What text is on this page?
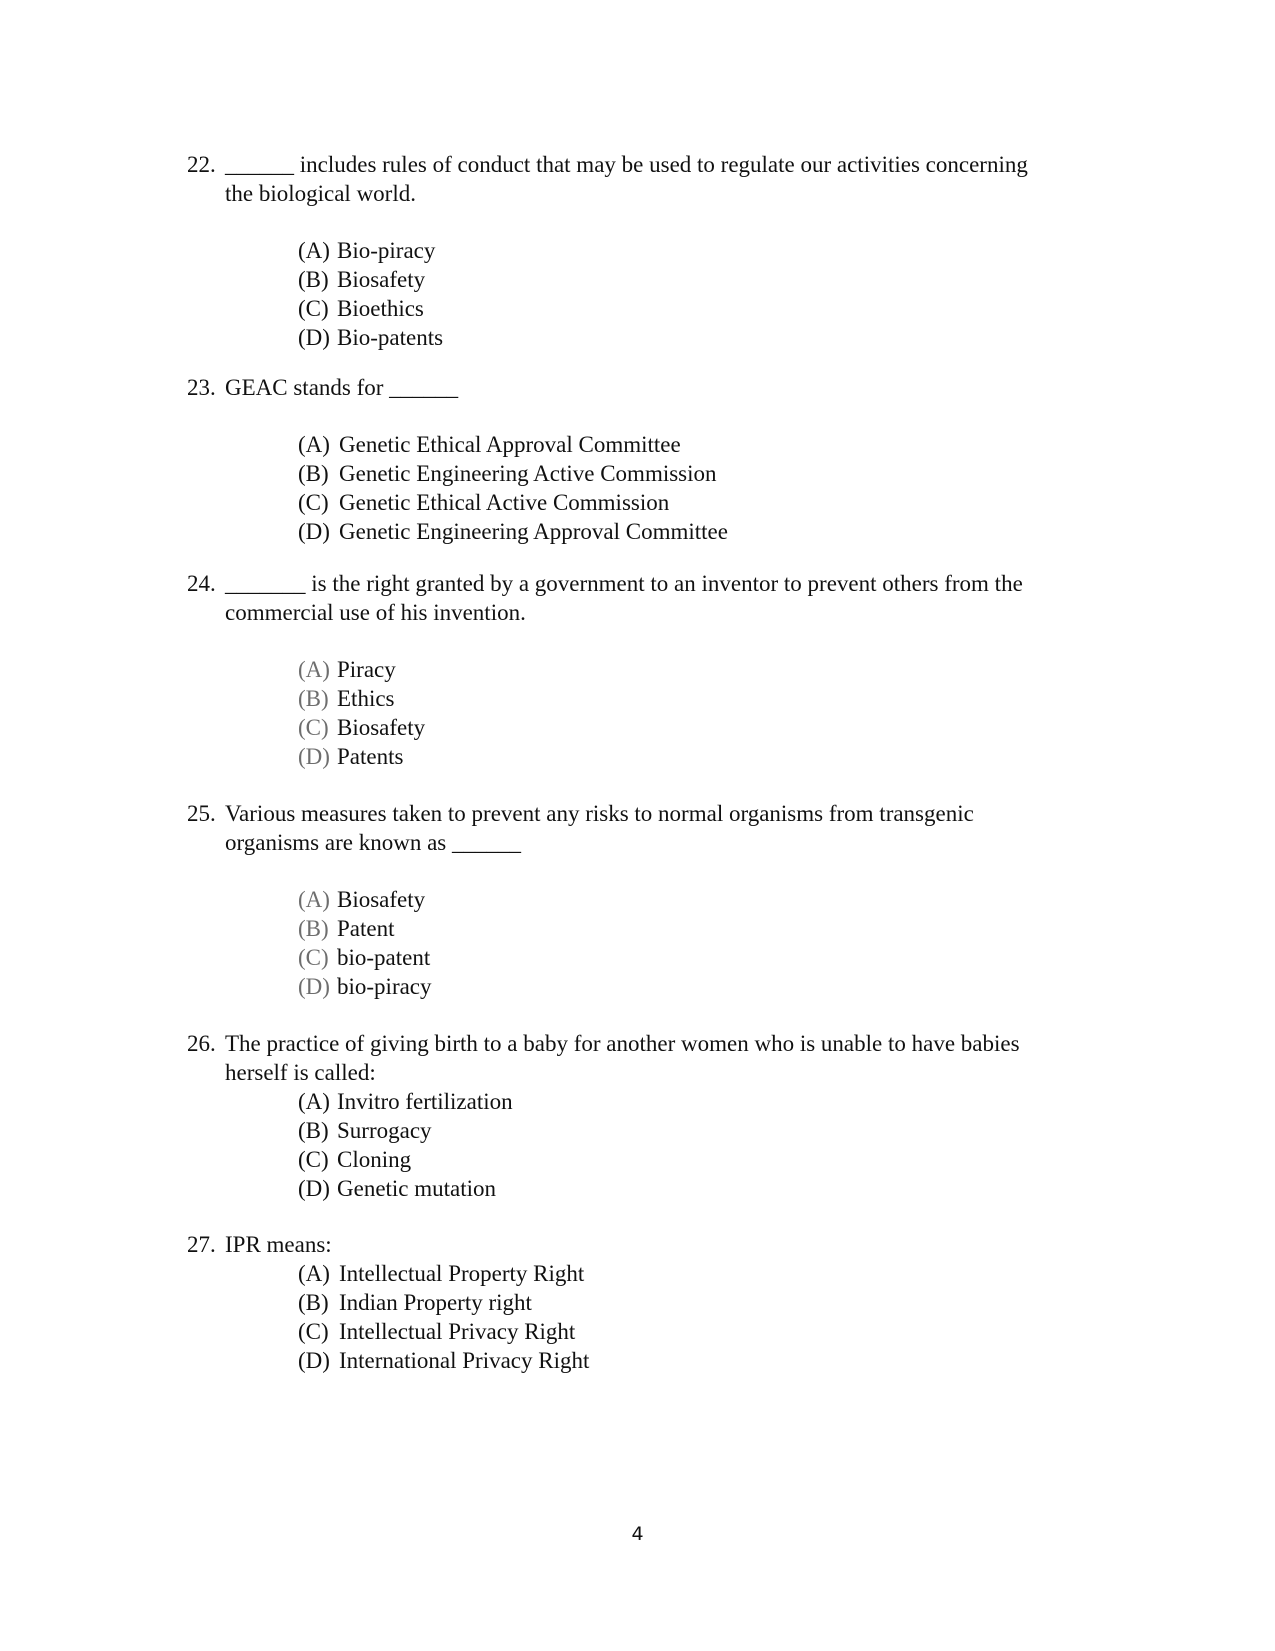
22. ______ includes rules of conduct that may be used to regulate our activities concerning
the biological world.
(A) Bio-piracy
(B) Biosafety
(C) Bioethics
(D) Bio-patents
23. GEAC stands for ______
(A) Genetic Ethical Approval Committee
(B) Genetic Engineering Active Commission
(C) Genetic Ethical Active Commission
(D) Genetic Engineering Approval Committee
24. _______ is the right granted by a government to an inventor to prevent others from the
commercial use of his invention.
(A) Piracy
(B) Ethics
(C) Biosafety
(D) Patents
25. Various measures taken to prevent any risks to normal organisms from transgenic
organisms are known as ______
(A) Biosafety
(B) Patent
(C) bio-patent
(D) bio-piracy
26. The practice of giving birth to a baby for another women who is unable to have babies
herself is called:
(A) Invitro fertilization
(B) Surrogacy
(C) Cloning
(D) Genetic mutation
27. IPR means:
(A) Intellectual Property Right
(B) Indian Property right
(C) Intellectual Privacy Right
(D) International Privacy Right
4
